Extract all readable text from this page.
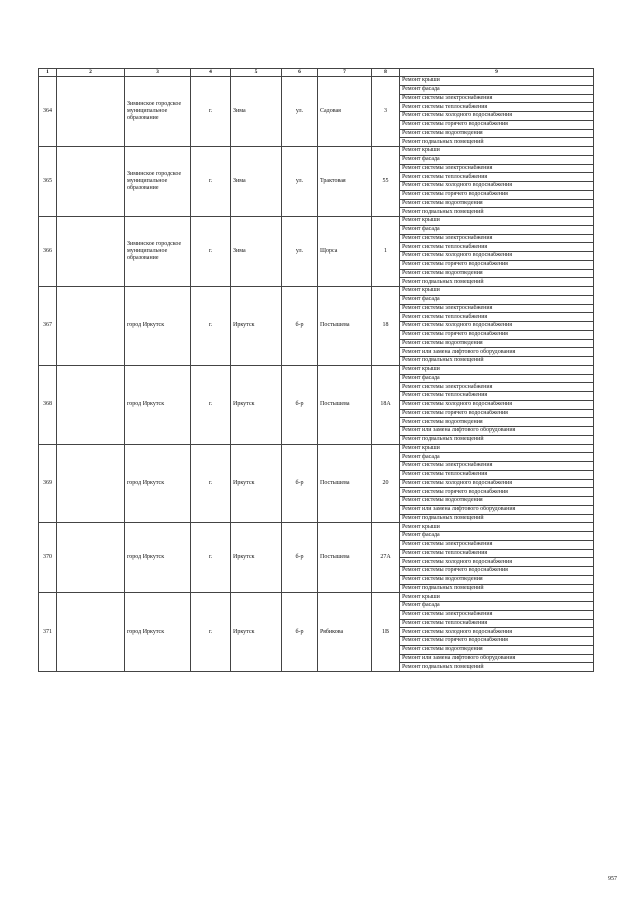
1	2	3	4	5	6	7	8	9
364		Зиминское городское муниципальное образование	г.	Зима	ул.	Садовая	3	Ремонт крыши
								Ремонт фасада
								Ремонт системы электроснабжения
								Ремонт системы теплоснабжения
								Ремонт системы холодного водоснабжения
								Ремонт системы горячего водоснабжения
								Ремонт системы водоотведения
								Ремонт подвальных помещений
365		Зиминское городское муниципальное образование	г.	Зима	ул.	Трактовая	55	Ремонт крыши
								Ремонт фасада
								Ремонт системы электроснабжения
								Ремонт системы теплоснабжения
								Ремонт системы холодного водоснабжения
								Ремонт системы горячего водоснабжения
								Ремонт системы водоотведения
								Ремонт подвальных помещений
366		Зиминское городское муниципальное образование	г.	Зима	ул.	Щорса	1	Ремонт крыши
								Ремонт фасада
								Ремонт системы электроснабжения
								Ремонт системы теплоснабжения
								Ремонт системы холодного водоснабжения
								Ремонт системы горячего водоснабжения
								Ремонт системы водоотведения
								Ремонт подвальных помещений
367		город Иркутск	г.	Иркутск	б-р	Постышева	18	Ремонт крыши
								Ремонт фасада
								Ремонт системы электроснабжения
								Ремонт системы теплоснабжения
								Ремонт системы холодного водоснабжения
								Ремонт системы горячего водоснабжения
								Ремонт системы водоотведения
								Ремонт или замена лифтового оборудования
								Ремонт подвальных помещений
368		город Иркутск	г.	Иркутск	б-р	Постышева	18А	Ремонт крыши
								Ремонт фасада
								Ремонт системы электроснабжения
								Ремонт системы теплоснабжения
								Ремонт системы холодного водоснабжения
								Ремонт системы горячего водоснабжения
								Ремонт системы водоотведения
								Ремонт или замена лифтового оборудования
								Ремонт подвальных помещений
369		город Иркутск	г.	Иркутск	б-р	Постышева	20	Ремонт крыши
								Ремонт фасада
								Ремонт системы электроснабжения
								Ремонт системы теплоснабжения
								Ремонт системы холодного водоснабжения
								Ремонт системы горячего водоснабжения
								Ремонт системы водоотведения
								Ремонт или замена лифтового оборудования
								Ремонт подвальных помещений
370		город Иркутск	г.	Иркутск	б-р	Постышева	27А	Ремонт крыши
								Ремонт фасада
								Ремонт системы электроснабжения
								Ремонт системы теплоснабжения
								Ремонт системы холодного водоснабжения
								Ремонт системы горячего водоснабжения
								Ремонт системы водоотведения
								Ремонт подвальных помещений
371		город Иркутск	г.	Иркутск	б-р	Рябикова	1В	Ремонт крыши
								Ремонт фасада
								Ремонт системы электроснабжения
								Ремонт системы теплоснабжения
								Ремонт системы холодного водоснабжения
								Ремонт системы горячего водоснабжения
								Ремонт системы водоотведения
								Ремонт или замена лифтового оборудования
								Ремонт подвальных помещений
957
